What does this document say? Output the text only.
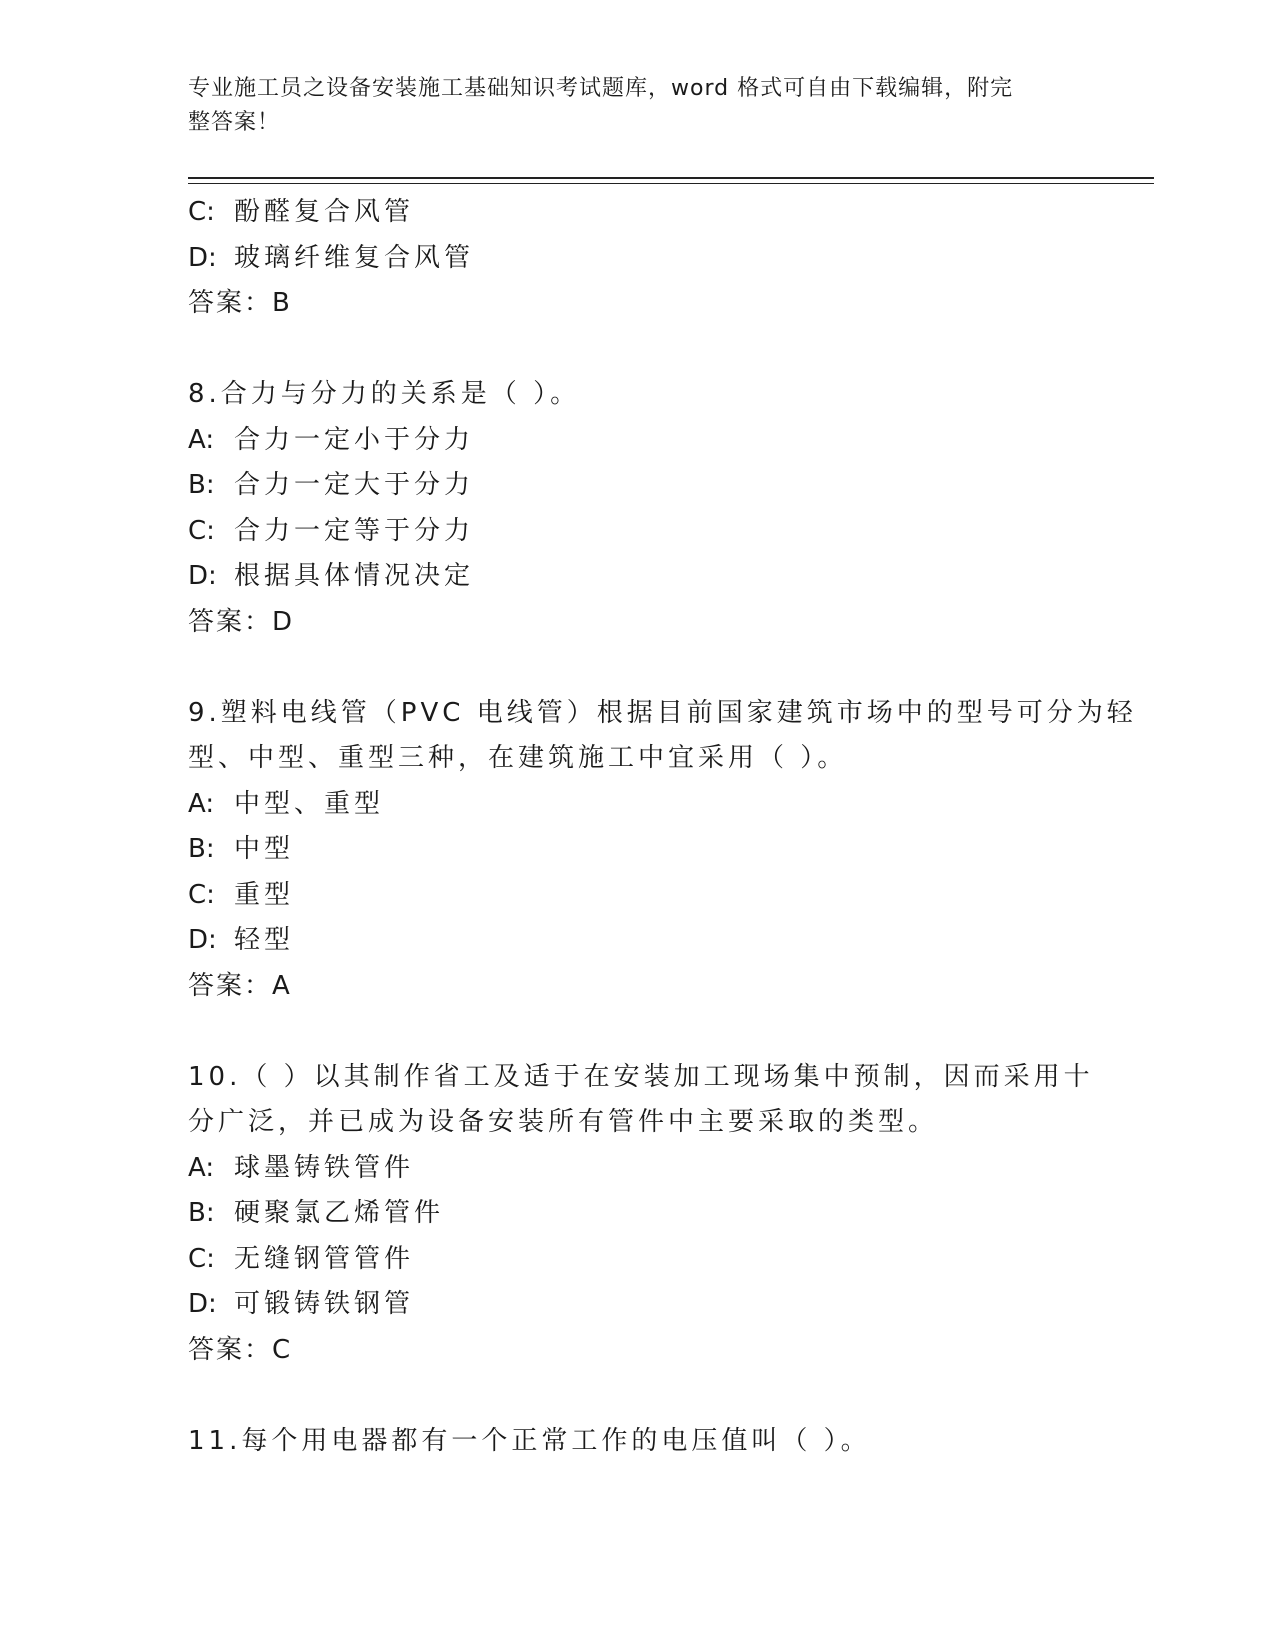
专业施工员之设备安装施工基础知识考试题库，word 格式可自由下载编辑，附完
整答案！
C: 酚醛复合风管
D: 玻璃纤维复合风管
答案：B
8.合力与分力的关系是（ ）。
A: 合力一定小于分力
B: 合力一定大于分力
C: 合力一定等于分力
D: 根据具体情况决定
答案：D
9.塑料电线管（PVC 电线管）根据目前国家建筑市场中的型号可分为轻
型、中型、重型三种，在建筑施工中宜采用（ ）。
A: 中型、重型
B: 中型
C: 重型
D: 轻型
答案：A
10.（ ）以其制作省工及适于在安装加工现场集中预制，因而采用十
分广泛，并已成为设备安装所有管件中主要采取的类型。
A: 球墨铸铁管件
B: 硬聚氯乙烯管件
C: 无缝钢管管件
D: 可锻铸铁钢管
答案：C
11.每个用电器都有一个正常工作的电压值叫（ ）。
